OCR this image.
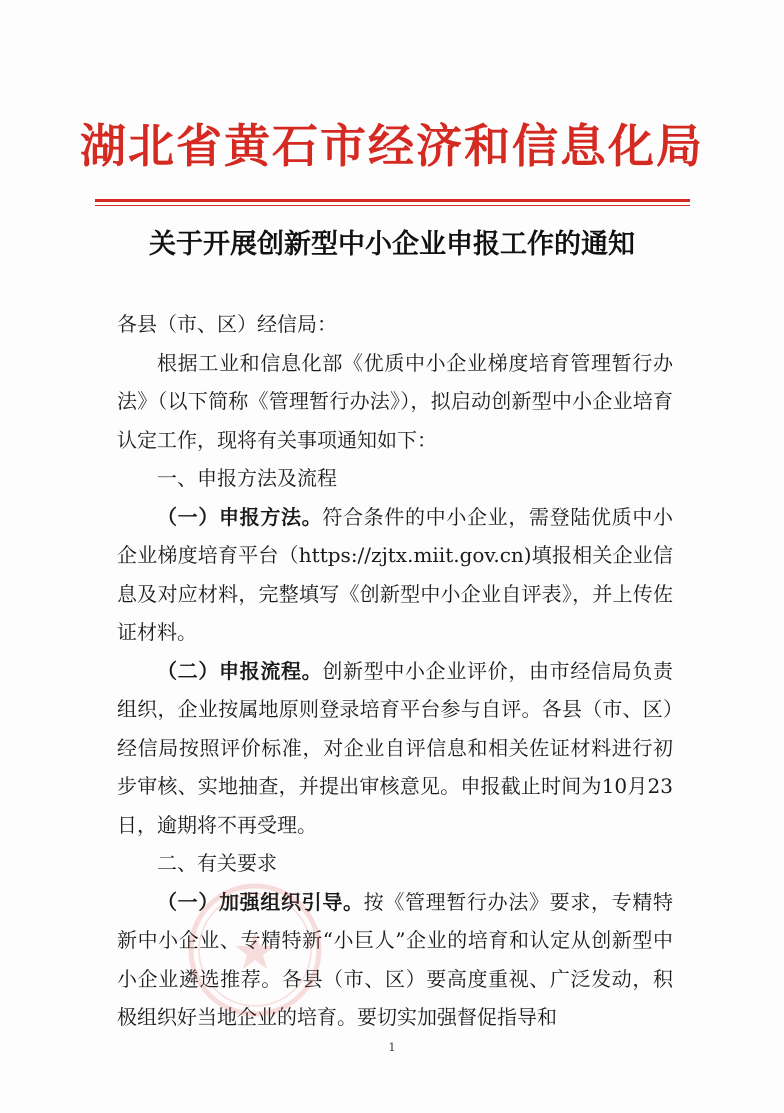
湖北省黄石市经济和信息化局
关于开展创新型中小企业申报工作的通知

各县（市、区）经信局：

根据工业和信息化部《优质中小企业梯度培育管理暂行办法》（以下简称《管理暂行办法》），拟启动创新型中小企业培育认定工作，现将有关事项通知如下：

一、申报方法及流程

（一）申报方法。符合条件的中小企业，需登陆优质中小企业梯度培育平台（https://zjtx.miit.gov.cn)填报相关企业信息及对应材料，完整填写《创新型中小企业自评表》，并上传佐证材料。

（二）申报流程。创新型中小企业评价，由市经信局负责组织，企业按属地原则登录培育平台参与自评。各县（市、区）经信局按照评价标准，对企业自评信息和相关佐证材料进行初步审核、实地抽查，并提出审核意见。申报截止时间为10月23日，逾期将不再受理。

二、有关要求

（一）加强组织引导。按《管理暂行办法》要求，专精特新中小企业、专精特新“小巨人”企业的培育和认定从创新型中小企业遴选推荐。各县（市、区）要高度重视、广泛发动，积极组织好当地企业的培育。要切实加强督促指导和

1
